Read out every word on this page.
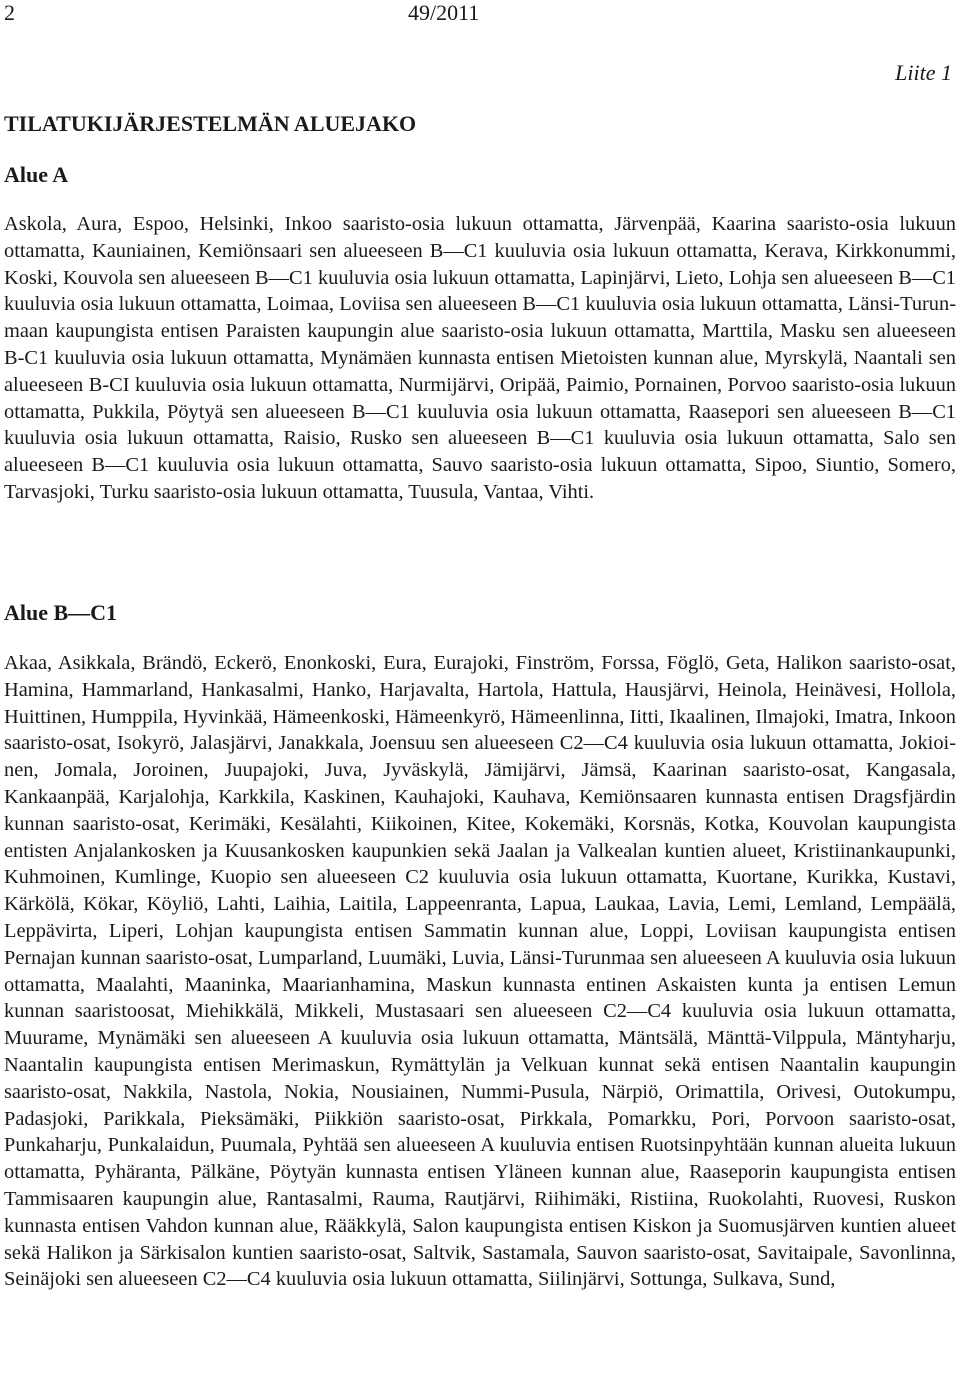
2	49/2011
Liite 1
TILATUKIJÄRJESTELMÄN ALUEJAKO
Alue A

Askola, Aura, Espoo, Helsinki, Inkoo saaristo-osia lukuun ottamatta, Järvenpää, Kaarina saaristo-osia lukuun ottamatta, Kauniainen, Kemiönsaari sen alueeseen B—C1 kuuluvia osia lukuun ottamatta, Kerava, Kirkkonummi, Koski, Kouvola sen alueeseen B—C1 kuuluvia osia lukuun ottamatta, Lapinjärvi, Lieto, Lohja sen alueeseen B—C1 kuuluvia osia lukuun ottamatta, Loimaa, Loviisa sen alueeseen B—C1 kuuluvia osia lukuun ottamatta, Länsi-Turunmaan kaupungista entisen Paraisten kaupungin alue saaristo-osia lukuun ottamatta, Marttila, Masku sen alueeseen B-C1 kuuluvia osia lukuun ottamatta, Mynämäen kunnasta entisen Mietoisten kunnan alue, Myrskylä, Naantali sen alueeseen B-CI kuuluvia osia lukuun ottamatta, Nurmijärvi, Oripää, Paimio, Pornainen, Porvoo saaristo-osia lukuun ottamatta, Pukkila, Pöytyä sen alueeseen B—C1 kuuluvia osia lukuun ottamatta, Raasepori sen alueeseen B—C1 kuuluvia osia lukuun ottamatta, Raisio, Rusko sen alueeseen B—C1 kuuluvia osia lukuun ottamatta, Salo sen alueeseen B—C1 kuuluvia osia lukuun ottamatta, Sauvo saaristo-osia lukuun ottamatta, Sipoo, Siuntio, Somero, Tarvasjoki, Turku saaristo-osia lukuun ottamatta, Tuusula, Vantaa, Vihti.

Alue B—C1

Akaa, Asikkala, Brändö, Eckerö, Enonkoski, Eura, Eurajoki, Finström, Forssa, Föglö, Geta, Halikon saaristo-osat, Hamina, Hammarland, Hankasalmi, Hanko, Harjavalta, Hartola, Hattula, Hausjärvi, Heinola, Heinävesi, Hollola, Huittinen, Humppila, Hyvinkää, Hämeenkoski, Hämeenkyrö, Hämeenlinna, Iitti, Ikaalinen, Ilmajoki, Imatra, Inkoon saaristo-osat, Isokyrö, Jalasjärvi, Janakkala, Joensuu sen alueeseen C2—C4 kuuluvia osia lukuun ottamatta, Jokioinen, Jomala, Joroinen, Juupajoki, Juva, Jyväskylä, Jämijärvi, Jämsä, Kaarinan saaristo-osat, Kangasala, Kankaanpää, Karjalohja, Karkkila, Kaskinen, Kauhajoki, Kauhava, Kemiönsaaren kunnasta entisen Dragsfjärdin kunnan saaristo-osat, Kerimäki, Kesälahti, Kiikoinen, Kitee, Kokemäki, Korsnäs, Kotka, Kouvolan kaupungista entisten Anjalankosken ja Kuusankosken kaupunkien sekä Jaalan ja Valkealan kuntien alueet, Kristiinankaupunki, Kuhmoinen, Kumlinge, Kuopio sen alueeseen C2 kuuluvia osia lukuun ottamatta, Kuortane, Kurikka, Kustavi, Kärkölä, Kökar, Köyliö, Lahti, Laihia, Laitila, Lappeenranta, Lapua, Laukaa, Lavia, Lemi, Lemland, Lempäälä, Leppävirta, Liperi, Lohjan kaupungista entisen Sammatin kunnan alue, Loppi, Loviisan kaupungista entisen Pernajan kunnan saaristo-osat, Lumparland, Luumäki, Luvia, Länsi-Turunmaa sen alueeseen A kuuluvia osia lukuun ottamatta, Maalahti, Maaninka, Maarianhamina, Maskun kunnasta entinen Askaisten kunta ja entisen Lemun kunnan saaristoosat, Miehikkälä, Mikkeli, Mustasaari sen alueeseen C2—C4 kuuluvia osia lukuun ottamatta, Muurame, Mynämäki sen alueeseen A kuuluvia osia lukuun ottamatta, Mäntsälä, Mänttä-Vilppula, Mäntyharju, Naantalin kaupungista entisen Merimaskun, Rymättylän ja Velkuan kunnat sekä entisen Naantalin kaupungin saaristo-osat, Nakkila, Nastola, Nokia, Nousiainen, Nummi-Pusula, Närpiö, Orimattila, Orivesi, Outokumpu, Padasjoki, Parikkala, Pieksämäki, Piikkiön saaristo-osat, Pirkkala, Pomarkku, Pori, Porvoon saaristo-osat, Punkaharju, Punkalaidun, Puumala, Pyhtää sen alueeseen A kuuluvia entisen Ruotsinpyhtään kunnan alueita lukuun ottamatta, Pyhäranta, Pälkäne, Pöytyän kunnasta entisen Yläneen kunnan alue, Raaseporin kaupungista entisen Tammisaaren kaupungin alue, Rantasalmi, Rauma, Rautjärvi, Riihimäki, Ristiina, Ruokolahti, Ruovesi, Ruskon kunnasta entisen Vahdon kunnan alue, Rääkkylä, Salon kaupungista entisen Kiskon ja Suomusjärven kuntien alueet sekä Halikon ja Särkisalon kuntien saaristo-osat, Saltvik, Sastamala, Sauvon saaristo-osat, Savitaipale, Savonlinna, Seinäjoki sen alueeseen C2—C4 kuuluvia osia lukuun ottamatta, Siilinjärvi, Sottunga, Sulkava, Sund,
